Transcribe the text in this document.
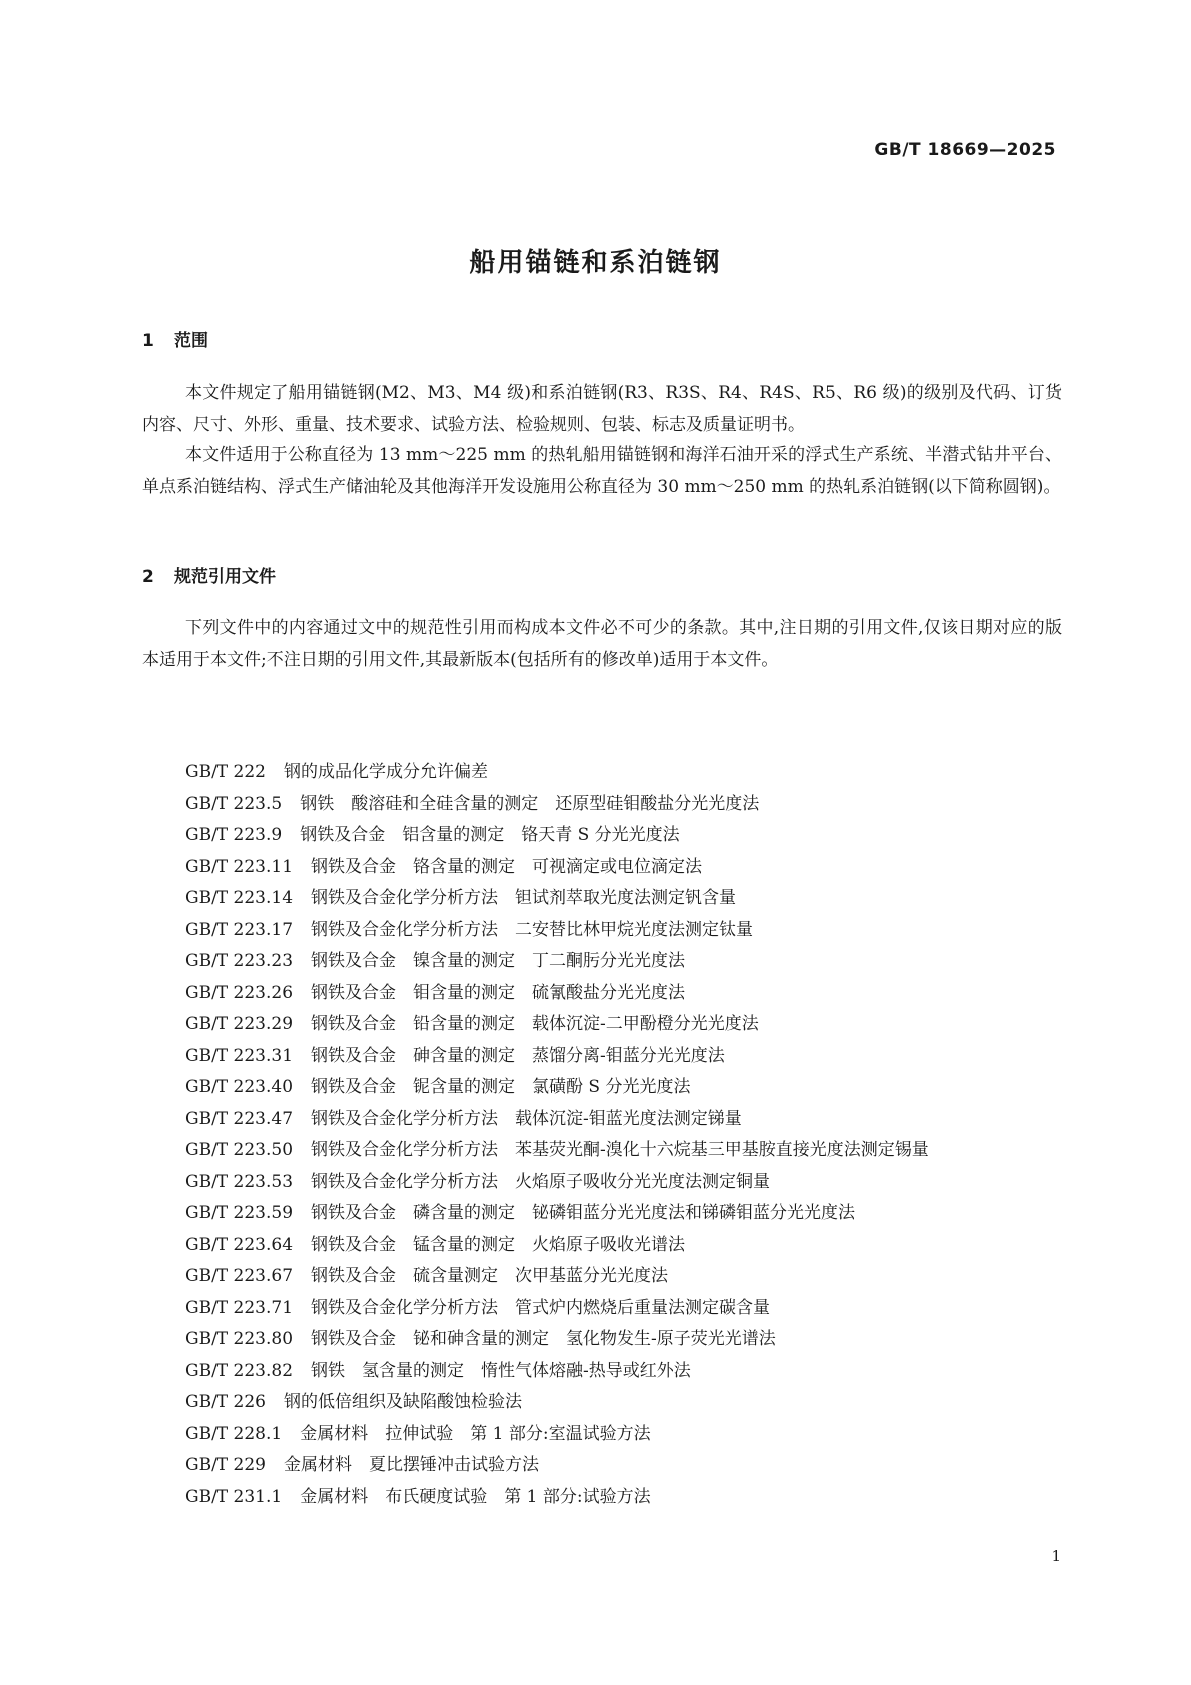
GB/T 18669—2025
船用锚链和系泊链钢
1 范围

本文件规定了船用锚链钢(M2、M3、M4 级)和系泊链钢(R3、R3S、R4、R4S、R5、R6 级)的级别及代码、订货内容、尺寸、外形、重量、技术要求、试验方法、检验规则、包装、标志及质量证明书。

本文件适用于公称直径为 13 mm～225 mm 的热轧船用锚链钢和海洋石油开采的浮式生产系统、半潜式钻井平台、单点系泊链结构、浮式生产储油轮及其他海洋开发设施用公称直径为 30 mm～250 mm 的热轧系泊链钢(以下简称圆钢)。

2 规范引用文件

下列文件中的内容通过文中的规范性引用而构成本文件必不可少的条款。其中,注日期的引用文件,仅该日期对应的版本适用于本文件;不注日期的引用文件,其最新版本(包括所有的修改单)适用于本文件。

GB/T 222 钢的成品化学成分允许偏差
GB/T 223.5 钢铁　酸溶硅和全硅含量的测定　还原型硅钼酸盐分光光度法
GB/T 223.9 钢铁及合金　铝含量的测定　铬天青 S 分光光度法
GB/T 223.11 钢铁及合金　铬含量的测定　可视滴定或电位滴定法
GB/T 223.14 钢铁及合金化学分析方法　钽试剂萃取光度法测定钒含量
GB/T 223.17 钢铁及合金化学分析方法　二安替比林甲烷光度法测定钛量
GB/T 223.23 钢铁及合金　镍含量的测定　丁二酮肟分光光度法
GB/T 223.26 钢铁及合金　钼含量的测定　硫氰酸盐分光光度法
GB/T 223.29 钢铁及合金　铅含量的测定　载体沉淀-二甲酚橙分光光度法
GB/T 223.31 钢铁及合金　砷含量的测定　蒸馏分离-钼蓝分光光度法
GB/T 223.40 钢铁及合金　铌含量的测定　氯磺酚 S 分光光度法
GB/T 223.47 钢铁及合金化学分析方法　载体沉淀-钼蓝光度法测定锑量
GB/T 223.50 钢铁及合金化学分析方法　苯基荧光酮-溴化十六烷基三甲基胺直接光度法测定锡量
GB/T 223.53 钢铁及合金化学分析方法　火焰原子吸收分光光度法测定铜量
GB/T 223.59 钢铁及合金　磷含量的测定　铋磷钼蓝分光光度法和锑磷钼蓝分光光度法
GB/T 223.64 钢铁及合金　锰含量的测定　火焰原子吸收光谱法
GB/T 223.67 钢铁及合金　硫含量测定　次甲基蓝分光光度法
GB/T 223.71 钢铁及合金化学分析方法　管式炉内燃烧后重量法测定碳含量
GB/T 223.80 钢铁及合金　铋和砷含量的测定　氢化物发生-原子荧光光谱法
GB/T 223.82 钢铁　氢含量的测定　惰性气体熔融-热导或红外法
GB/T 226 钢的低倍组织及缺陷酸蚀检验法
GB/T 228.1 金属材料　拉伸试验　第 1 部分:室温试验方法
GB/T 229 金属材料　夏比摆锤冲击试验方法
GB/T 231.1 金属材料　布氏硬度试验　第 1 部分:试验方法
1
